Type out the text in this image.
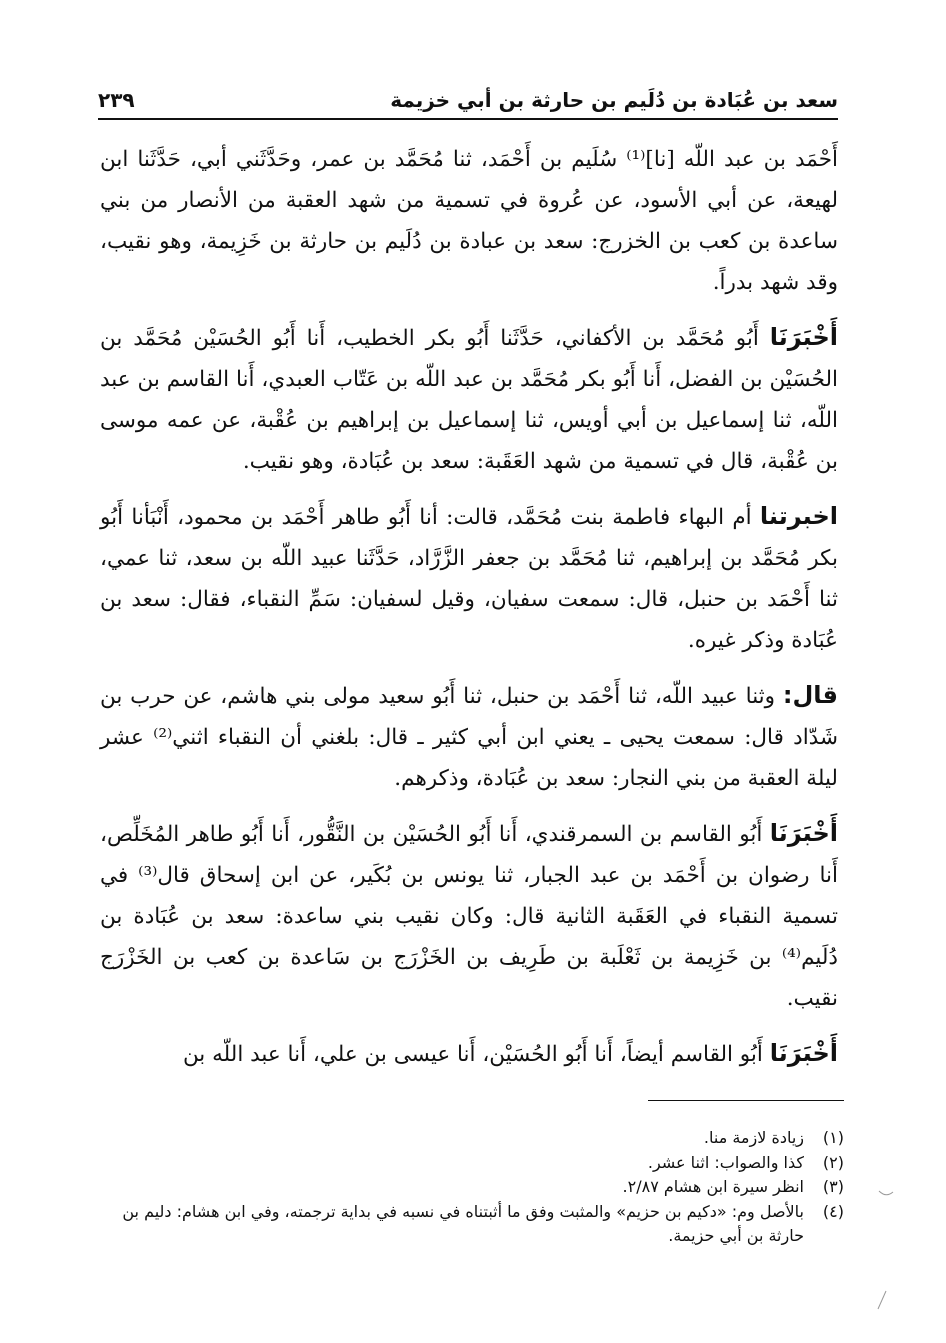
سعد بن عُبَادة بن دُلَيم بن حارثة بن أبي خزيمة
٢٣٩

أَحْمَد بن عبد اللّه [نا]⁽¹⁾ سُلَيم بن أَحْمَد، ثنا مُحَمَّد بن عمر، وحَدَّثَني أبي، حَدَّثَنا ابن لهيعة، عن أبي الأسود، عن عُروة في تسمية من شهد العقبة من الأنصار من بني ساعدة بن كعب بن الخزرج: سعد بن عبادة بن دُلَيم بن حارثة بن خَزِيمة، وهو نقيب، وقد شهد بدراً.

أَخْبَرَنَا أَبُو مُحَمَّد بن الأكفاني، حَدَّثَنا أَبُو بكر الخطيب، أَنا أَبُو الحُسَيْن مُحَمَّد بن الحُسَيْن بن الفضل، أَنا أَبُو بكر مُحَمَّد بن عبد اللّه بن عَتّاب العبدي، أَنا القاسم بن عبد اللّه، ثنا إسماعيل بن أبي أويس، ثنا إسماعيل بن إبراهيم بن عُقْبة، عن عمه موسى بن عُقْبة، قال في تسمية من شهد العَقَبة: سعد بن عُبَادة، وهو نقيب.

اخبرتنا أم البهاء فاطمة بنت مُحَمَّد، قالت: أنا أَبُو طاهر أَحْمَد بن محمود، أَنْبَأنا أَبُو بكر مُحَمَّد بن إبراهيم، ثنا مُحَمَّد بن جعفر الزَّرَّاد، حَدَّثَنا عبيد اللّه بن سعد، ثنا عمي، ثنا أَحْمَد بن حنبل، قال: سمعت سفيان، وقيل لسفيان: سَمِّ النقباء، فقال: سعد بن عُبَادة وذكر غيره.

قال: وثنا عبيد اللّه، ثنا أَحْمَد بن حنبل، ثنا أَبُو سعيد مولى بني هاشم، عن حرب بن شَدّاد قال: سمعت يحيى ـ يعني ابن أبي كثير ـ قال: بلغني أن النقباء اثني⁽²⁾ عشر ليلة العقبة من بني النجار: سعد بن عُبَادة، وذكرهم.

أَخْبَرَنَا أَبُو القاسم بن السمرقندي، أَنا أَبُو الحُسَيْن بن النَّقُّور، أَنا أَبُو طاهر المُخَلِّص، أَنا رضوان بن أَحْمَد بن عبد الجبار، ثنا يونس بن بُكَير، عن ابن إسحاق قال⁽³⁾ في تسمية النقباء في العَقَبة الثانية قال: وكان نقيب بني ساعدة: سعد بن عُبَادة بن دُلَيم⁽⁴⁾ بن خَزِيمة بن ثَعْلَبة بن طَرِيف بن الخَزْرَج بن سَاعدة بن كعب بن الخَزْرَج نقيب.

أَخْبَرَنَا أَبُو القاسم أيضاً، أَنا أَبُو الحُسَيْن، أَنا عيسى بن علي، أَنا عبد اللّه بن

(١)
زيادة لازمة منا.
(٢)
كذا والصواب: اثنا عشر.
(٣)
انظر سيرة ابن هشام ٢/٨٧.
(٤)
بالأصل وم: «دكيم بن حزيم» والمثبت وفق ما أثبتناه في نسبه في بداية ترجمته، وفي ابن هشام: دليم بن حارثة بن أبي حزيمة.
